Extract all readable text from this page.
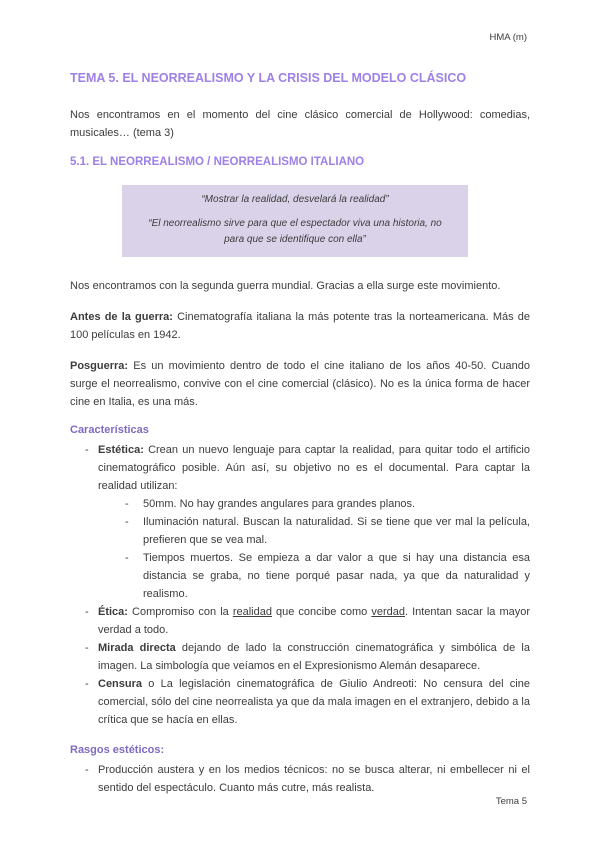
HMA (m)
TEMA 5. EL NEORREALISMO Y LA CRISIS DEL MODELO CLÁSICO

Nos encontramos en el momento del cine clásico comercial de Hollywood: comedias, musicales… (tema 3)

5.1. EL NEORREALISMO / NEORREALISMO ITALIANO
“Mostrar la realidad, desvelará la realidad”
“El neorrealismo sirve para que el espectador viva una historia, no para que se identifique con ella”

Nos encontramos con la segunda guerra mundial. Gracias a ella surge este movimiento.

Antes de la guerra: Cinematografía italiana la más potente tras la norteamericana. Más de 100 películas en 1942.

Posguerra: Es un movimiento dentro de todo el cine italiano de los años 40-50. Cuando surge el neorrealismo, convive con el cine comercial (clásico). No es la única forma de hacer cine en Italia, es una más.

Características
- Estética: Crean un nuevo lenguaje para captar la realidad, para quitar todo el artificio cinematográfico posible. Aún así, su objetivo no es el documental. Para captar la realidad utilizan:
- 50mm. No hay grandes angulares para grandes planos.
- Iluminación natural. Buscan la naturalidad. Si se tiene que ver mal la película, prefieren que se vea mal.
- Tiempos muertos. Se empieza a dar valor a que si hay una distancia esa distancia se graba, no tiene porqué pasar nada, ya que da naturalidad y realismo.
- Ética: Compromiso con la realidad que concibe como verdad. Intentan sacar la mayor verdad a todo.
- Mirada directa dejando de lado la construcción cinematográfica y simbólica de la imagen. La simbología que veíamos en el Expresionismo Alemán desaparece.
- Censura o La legislación cinematográfica de Giulio Andreoti: No censura del cine comercial, sólo del cine neorrealista ya que da mala imagen en el extranjero, debido a la crítica que se hacía en ellas.
Rasgos estéticos:
- Producción austera y en los medios técnicos: no se busca alterar, ni embellecer ni el sentido del espectáculo. Cuanto más cutre, más realista.
Tema 5
